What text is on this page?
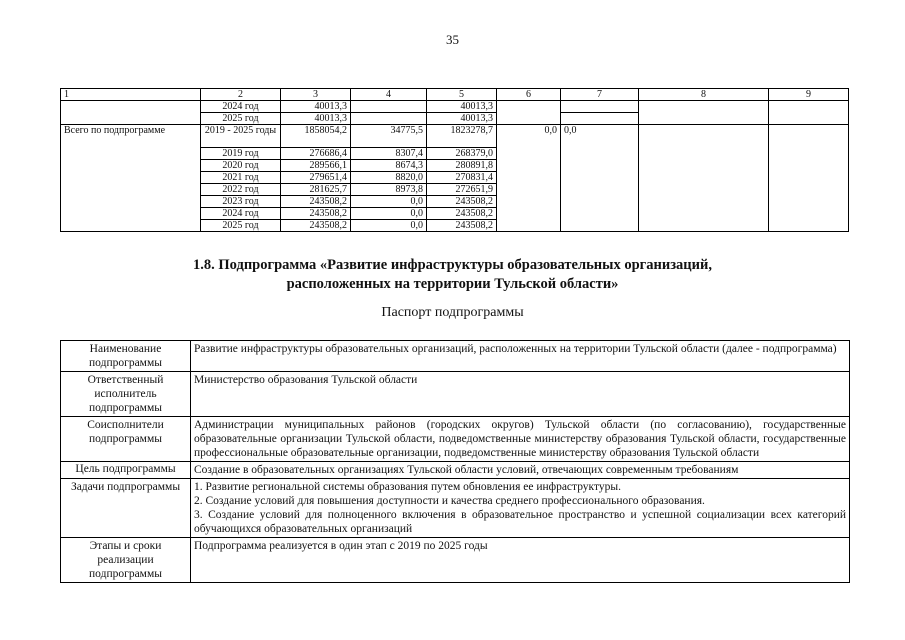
35
1	2	3	4	5	6	7	8	9
	2024 год	40013,3		40013,3				
	2025 год	40013,3		40013,3				
Всего по подпрограмме	2019 - 2025 годы	1858054,2	34775,5	1823278,7	0,0	0,0		

	2019 год	276686,4	8307,4	268379,0				
	2020 год	289566,1	8674,3	280891,8				
	2021 год	279651,4	8820,0	270831,4				
	2022 год	281625,7	8973,8	272651,9				
	2023 год	243508,2	0,0	243508,2				
	2024 год	243508,2	0,0	243508,2				
	2025 год	243508,2	0,0	243508,2				
1.8. Подпрограмма «Развитие инфраструктуры образовательных организаций,
расположенных на территории Тульской области»
Паспорт подпрограммы
Наименование подпрограммы	Развитие инфраструктуры образовательных организаций, расположенных на территории Тульской области (далее - подпрограмма)
Ответственный исполнитель подпрограммы	Министерство образования Тульской области
Соисполнители подпрограммы	Администрации муниципальных районов (городских округов) Тульской области (по согласованию), государственные образовательные организации Тульской области, подведомственные министерству образования Тульской области, государственные профессиональные образовательные организации, подведомственные министерству образования Тульской области
Цель подпрограммы	Создание в образовательных организациях Тульской области условий, отвечающих современным требованиям
Задачи подпрограммы	1. Развитие региональной системы образования путем обновления ее инфраструктуры.
2. Создание условий для повышения доступности и качества среднего профессионального образования.
3. Создание условий для полноценного включения в образовательное пространство и успешной социализации всех категорий обучающихся образовательных организаций

Этапы и сроки реализации подпрограммы	Подпрограмма реализуется в один этап с 2019 по 2025 годы
